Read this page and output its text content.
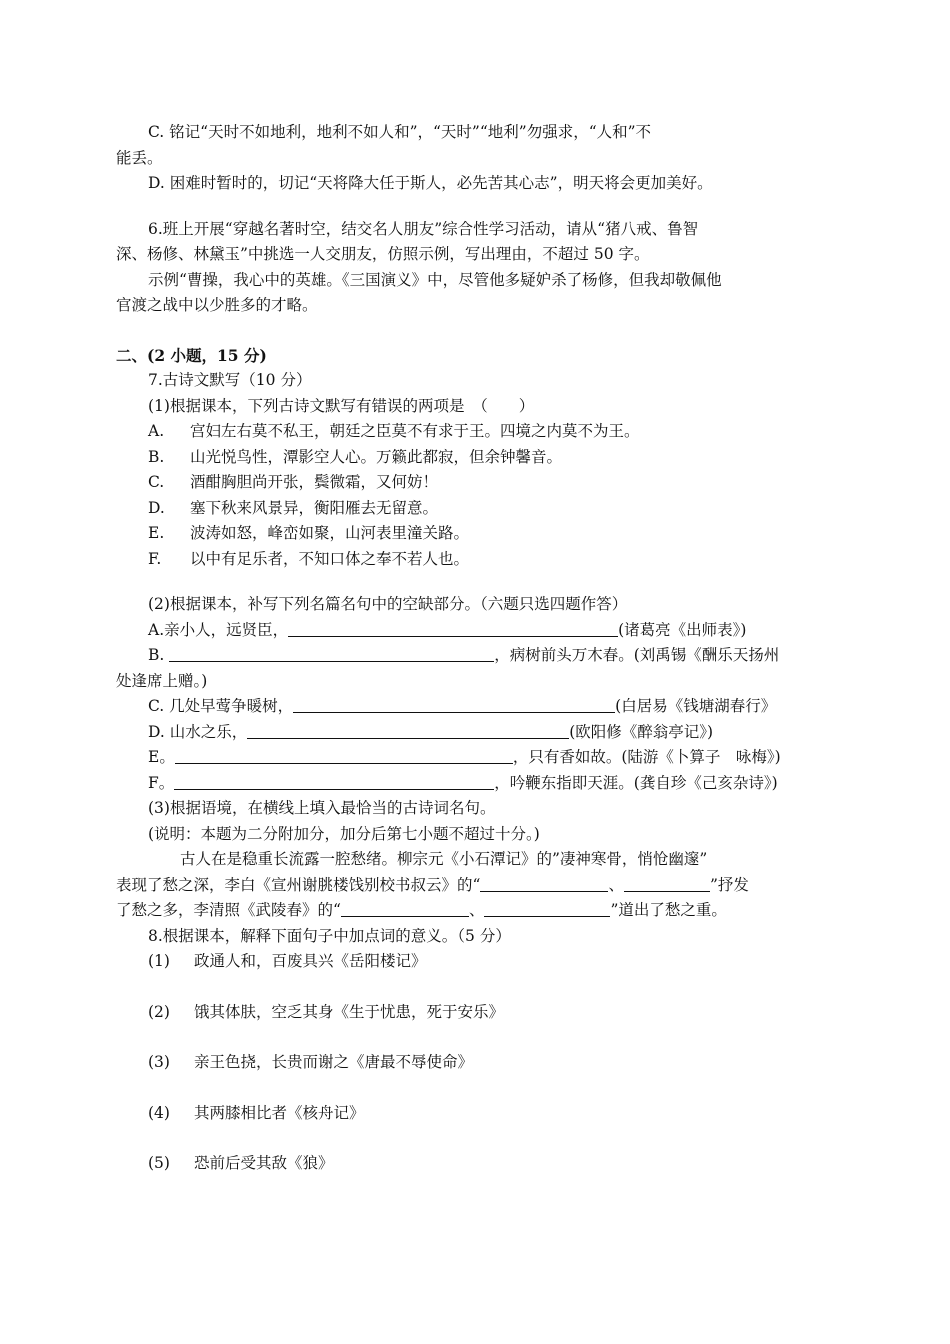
C. 铭记“天时不如地利，地利不如人和”，“天时”“地利”勿强求，“人和”不

能丢。

D. 困难时暂时的，切记“天将降大任于斯人，必先苦其心志”，明天将会更加美好。

6.班上开展“穿越名著时空，结交名人朋友”综合性学习活动，请从“猪八戒、鲁智

深、杨修、林黛玉”中挑选一人交朋友，仿照示例，写出理由，不超过 50 字。

示例“曹操，我心中的英雄。《三国演义》中，尽管他多疑妒杀了杨修，但我却敬佩他

官渡之战中以少胜多的才略。

二、(2 小题，15 分)

7.古诗文默写（10 分）

(1)根据课本，下列古诗文默写有错误的两项是　（　　）

A.	宫妇左右莫不私王，朝廷之臣莫不有求于王。四境之内莫不为王。
B.	山光悦鸟性，潭影空人心。万籁此都寂，但余钟馨音。
C.	酒酣胸胆尚开张，鬓微霜，又何妨！
D.	塞下秋来风景异，衡阳雁去无留意。
E.	波涛如怒，峰峦如聚，山河表里潼关路。
F.	以中有足乐者，不知口体之奉不若人也。

(2)根据课本，补写下列名篇名句中的空缺部分。（六题只选四题作答）

A.亲小人，远贤臣，	(诸葛亮《出师表》)

B.	，病树前头万木春。(刘禹锡《酬乐天扬州

处逢席上赠。)

C. 几处早莺争暖树，	(白居易《钱塘湖春行》

D. 山水之乐，	(欧阳修《醉翁亭记》)

E。	，只有香如故。(陆游《卜算子　咏梅》)

F。	，吟鞭东指即天涯。(龚自珍《己亥杂诗》)

(3)根据语境，在横线上填入最恰当的古诗词名句。

(说明：本题为二分附加分，加分后第七小题不超过十分。)

古人在是稳重长流露一腔愁绪。柳宗元《小石潭记》的”凄神寒骨，悄怆幽邃”

表现了愁之深，李白《宣州谢朓楼饯别校书叔云》的“	、	”抒发

了愁之多，李清照《武陵春》的“	、	”道出了愁之重。

8.根据课本，解释下面句子中加点词的意义。（5 分）

(1) 政通人和，百废具兴《岳阳楼记》

(2) 饿其体肤，空乏其身《生于忧患，死于安乐》

(3) 亲王色挠，长贵而谢之《唐最不辱使命》

(4) 其两膝相比者《核舟记》

(5) 恐前后受其敌《狼》
